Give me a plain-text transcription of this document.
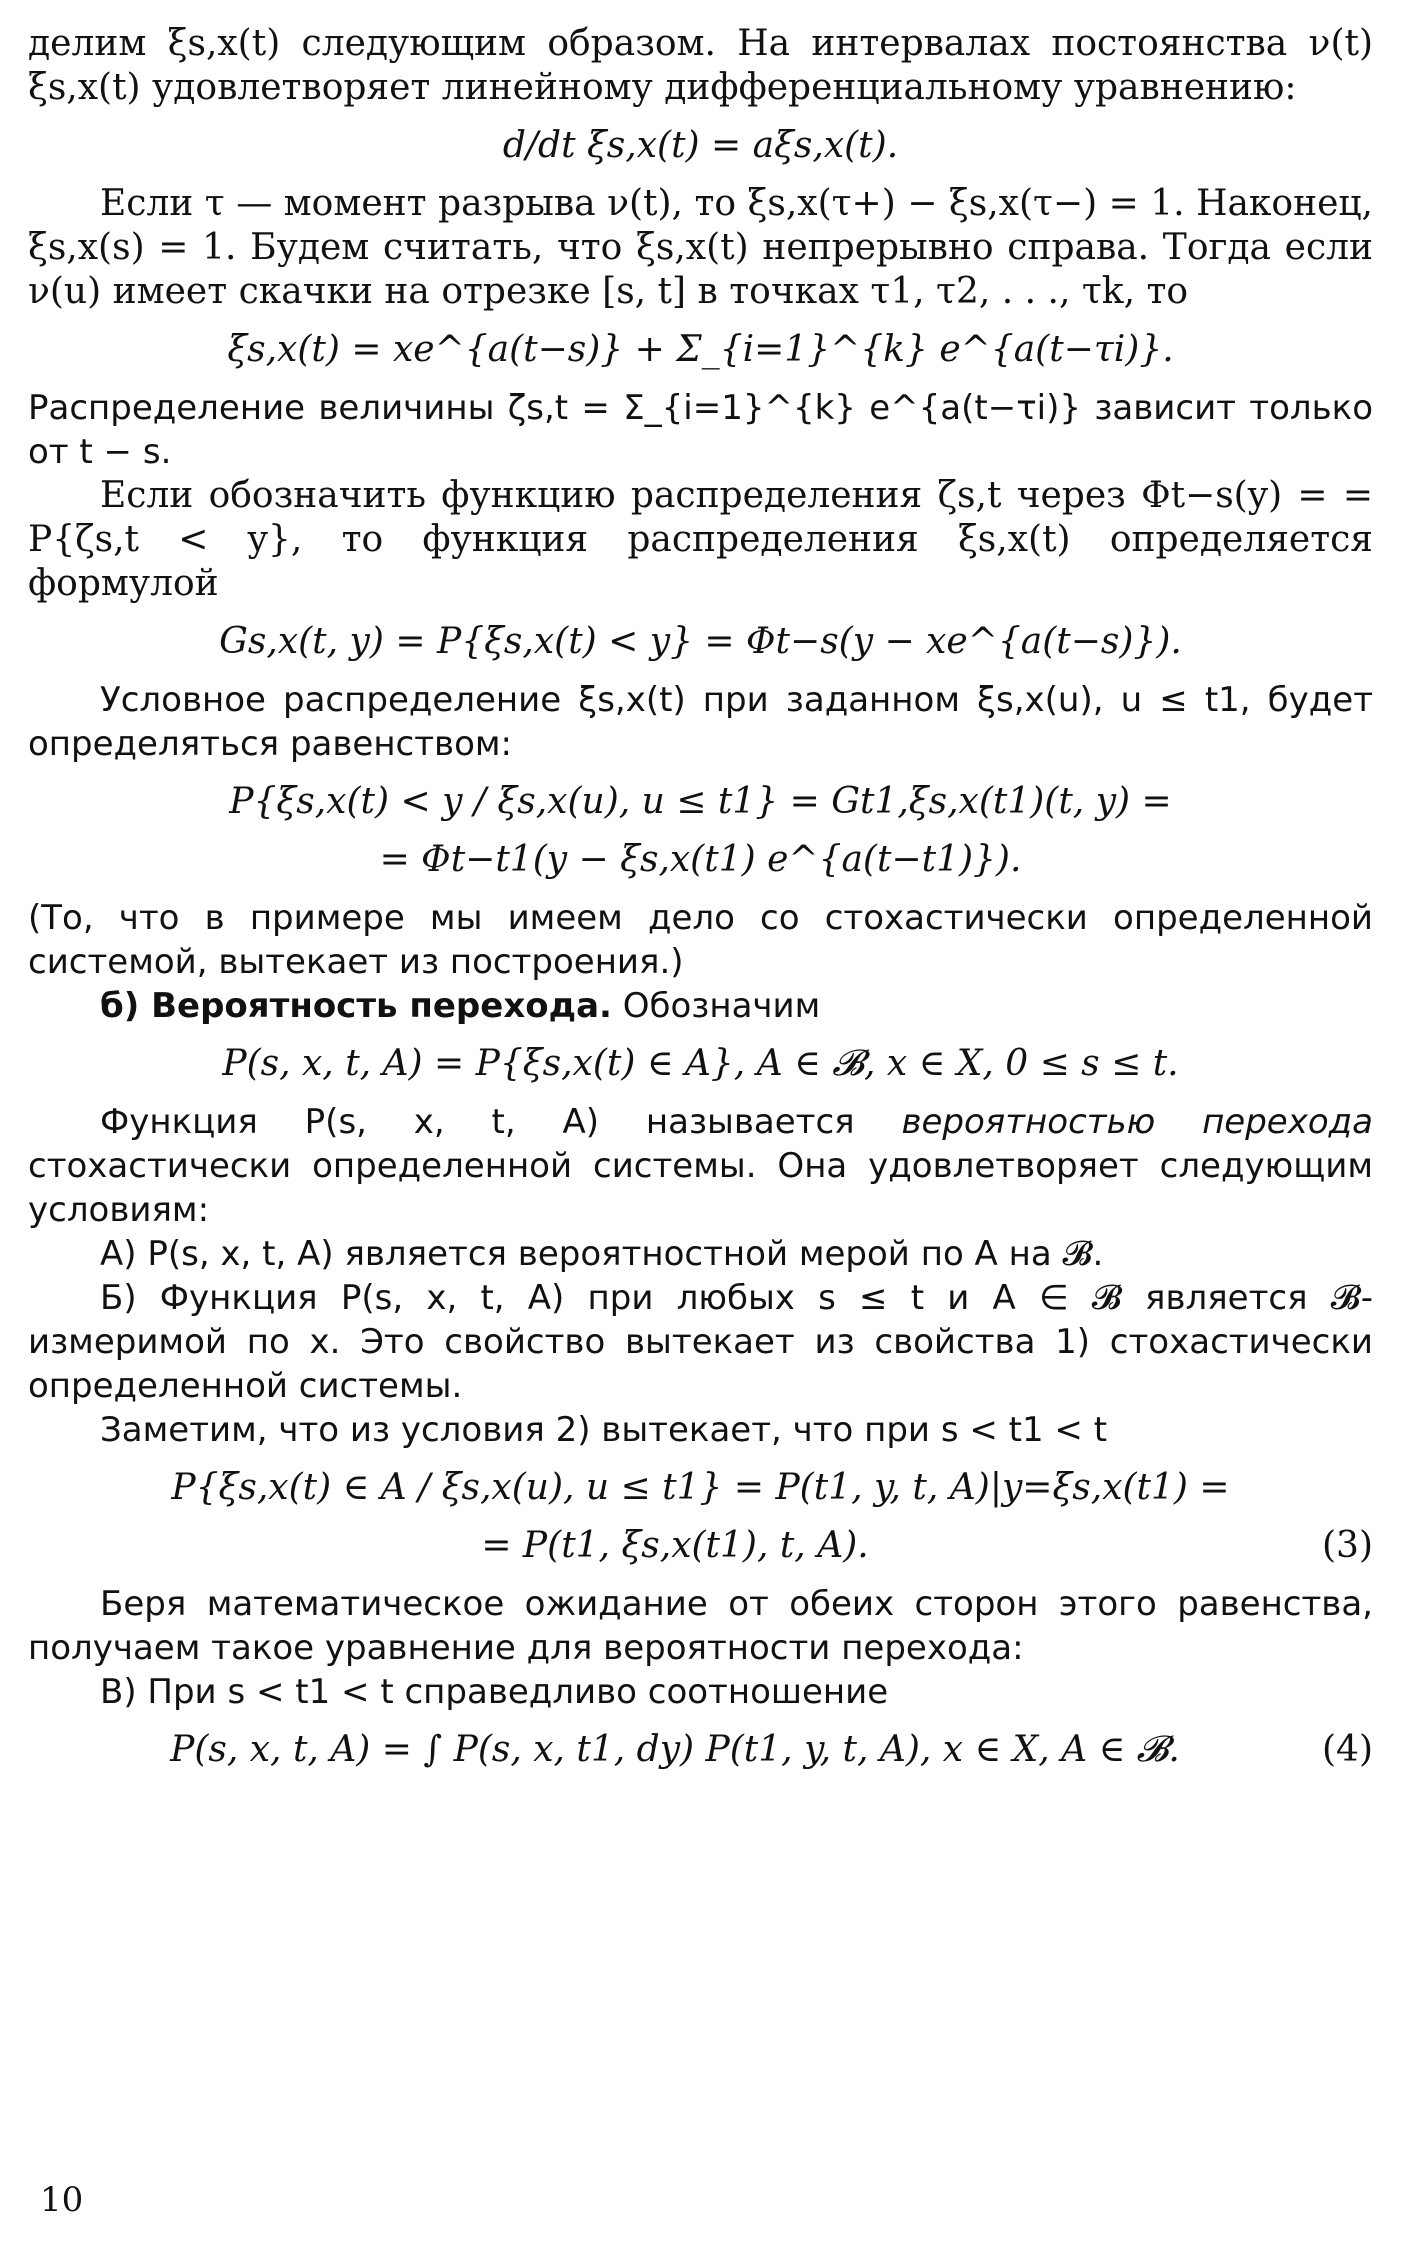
делим ξs,x(t) следующим образом. На интервалах постоянства ν(t) ξs,x(t) удовлетворяет линейному дифференциальному уравнению:

d/dt ξs,x(t) = aξs,x(t).

Если τ — момент разрыва ν(t), то ξs,x(τ+) − ξs,x(τ−) = 1. Наконец, ξs,x(s) = 1. Будем считать, что ξs,x(t) непрерывно справа. Тогда если ν(u) имеет скачки на отрезке [s, t] в точках τ1, τ2, . . ., τk, то

ξs,x(t) = xe^{a(t−s)} + Σ_{i=1}^{k} e^{a(t−τi)}.

Распределение величины ζs,t = Σ_{i=1}^{k} e^{a(t−τi)} зависит только от t − s.

Если обозначить функцию распределения ζs,t через Φt−s(y) = = P{ζs,t < y}, то функция распределения ξs,x(t) определяется формулой

Gs,x(t, y) = P{ξs,x(t) < y} = Φt−s(y − xe^{a(t−s)}).

Условное распределение ξs,x(t) при заданном ξs,x(u), u ≤ t1, будет определяться равенством:

P{ξs,x(t) < y / ξs,x(u), u ≤ t1} = Gt1,ξs,x(t1)(t, y) =
= Φt−t1(y − ξs,x(t1) e^{a(t−t1)}).

(То, что в примере мы имеем дело со стохастически определенной системой, вытекает из построения.)

б) Вероятность перехода. Обозначим

P(s, x, t, A) = P{ξs,x(t) ∈ A}, A ∈ 𝓑, x ∈ X, 0 ≤ s ≤ t.

Функция P(s, x, t, A) называется вероятностью перехода стохастически определенной системы. Она удовлетворяет следующим условиям:

А) P(s, x, t, A) является вероятностной мерой по A на 𝓑.

Б) Функция P(s, x, t, A) при любых s ≤ t и A ∈ 𝓑 является 𝓑-измеримой по x. Это свойство вытекает из свойства 1) стохастически определенной системы.

Заметим, что из условия 2) вытекает, что при s < t1 < t

P{ξs,x(t) ∈ A / ξs,x(u), u ≤ t1} = P(t1, y, t, A)|y=ξs,x(t1) =
= P(t1, ξs,x(t1), t, A).	(3)

Беря математическое ожидание от обеих сторон этого равенства, получаем такое уравнение для вероятности перехода:

В) При s < t1 < t справедливо соотношение

P(s, x, t, A) = ∫ P(s, x, t1, dy) P(t1, y, t, A), x ∈ X, A ∈ 𝓑.	(4)
10
